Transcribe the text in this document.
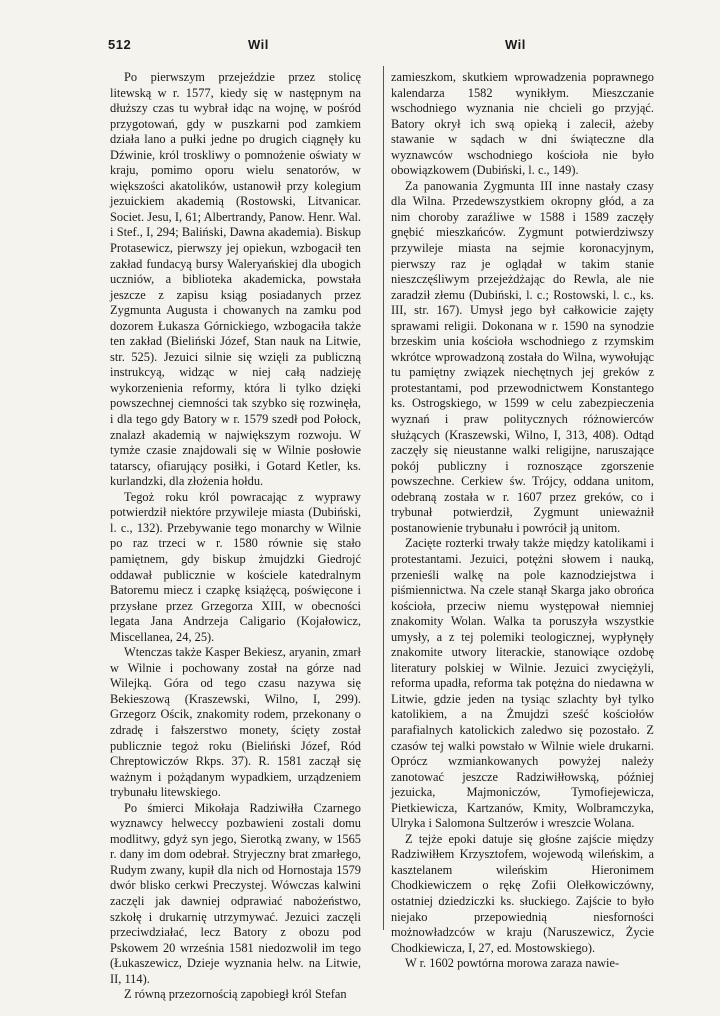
512	Wil	Wil

Po pierwszym przejeździe przez stolicę litewską w r. 1577, kiedy się w następnym na dłuższy czas tu wybrał idąc na wojnę, w pośród przygotowań, gdy w puszkarni pod zamkiem działa lano a pułki jedne po drugich ciągnęły ku Dźwinie, król troskliwy o pomnożenie oświaty w kraju, pomimo oporu wielu senatorów, w większości akatolików, ustanowił przy kolegium jezuickiem akademią (Rostowski, Litvanicar. Societ. Jesu, I, 61; Albertrandy, Panow. Henr. Wal. i Stef., I, 294; Baliński, Dawna akademia). Biskup Protasewicz, pierwszy jej opiekun, wzbogacił ten zakład fundacyą bursy Waleryańskiej dla ubogich uczniów, a biblioteka akademicka, powstała jeszcze z zapisu ksiąg posiadanych przez Zygmunta Augusta i chowanych na zamku pod dozorem Łukasza Górnickiego, wzbogaciła także ten zakład (Bieliński Józef, Stan nauk na Litwie, str. 525). Jezuici silnie się wzięli za publiczną instrukcyą, widząc w niej całą nadzieję wykorzenienia reformy, która li tylko dzięki powszechnej ciemności tak szybko się rozwinęła, i dla tego gdy Batory w r. 1579 szedł pod Połock, znalazł akademią w największym rozwoju. W tymże czasie znajdowali się w Wilnie posłowie tatarscy, ofiarujący posiłki, i Gotard Ketler, ks. kurlandzki, dla złożenia hołdu.

Tegoż roku król powracając z wyprawy potwierdził niektóre przywileje miasta (Dubiński, l. c., 132). Przebywanie tego monarchy w Wilnie po raz trzeci w r. 1580 równie się stało pamiętnem, gdy biskup żmujdzki Giedrojć oddawał publicznie w kościele katedralnym Batoremu miecz i czapkę książęcą, poświęcone i przysłane przez Grzegorza XIII, w obecności legata Jana Andrzeja Caligario (Kojałowicz, Miscellanea, 24, 25).

Wtenczas także Kasper Bekiesz, aryanin, zmarł w Wilnie i pochowany został na górze nad Wilejką. Góra od tego czasu nazywa się Bekieszową (Kraszewski, Wilno, I, 299). Grzegorz Ościk, znakomity rodem, przekonany o zdradę i fałszerstwo monety, ścięty został publicznie tegoż roku (Bieliński Józef, Ród Chreptowiczów Rkps. 37). R. 1581 zaczął się ważnym i pożądanym wypadkiem, urządzeniem trybunału litewskiego.

Po śmierci Mikołaja Radziwiłła Czarnego wyznawcy helweccy pozbawieni zostali domu modlitwy, gdyż syn jego, Sierotką zwany, w 1565 r. dany im dom odebrał. Stryjeczny brat zmarłego, Rudym zwany, kupił dla nich od Hornostaja 1579 dwór blisko cerkwi Preczystej. Wówczas kalwini zaczęli jak dawniej odprawiać nabożeństwo, szkołę i drukarnię utrzymywać. Jezuici zaczęli przeciwdziałać, lecz Batory z obozu pod Pskowem 20 września 1581 niedozwolił im tego (Łukaszewicz, Dzieje wyznania helw. na Litwie, II, 114).

Z równą przezornością zapobiegł król Stefan

zamieszkom, skutkiem wprowadzenia poprawnego kalendarza 1582 wynikłym. Mieszczanie wschodniego wyznania nie chcieli go przyjąć. Batory okrył ich swą opieką i zalecił, ażeby stawanie w sądach w dni świąteczne dla wyznawców wschodniego kościoła nie było obowiązkowem (Dubiński, l. c., 149).

Za panowania Zygmunta III inne nastały czasy dla Wilna. Przedewszystkiem okropny głód, a za nim choroby zaraźliwe w 1588 i 1589 zaczęły gnębić mieszkańców. Zygmunt potwierdziwszy przywileje miasta na sejmie koronacyjnym, pierwszy raz je oglądał w takim stanie nieszczęśliwym przejeżdżając do Rewla, ale nie zaradził złemu (Dubiński, l. c.; Rostowski, l. c., ks. III, str. 167). Umysł jego był całkowicie zajęty sprawami religii. Dokonana w r. 1590 na synodzie brzeskim unia kościoła wschodniego z rzymskim wkrótce wprowadzoną została do Wilna, wywołując tu pamiętny związek niechętnych jej greków z protestantami, pod przewodnictwem Konstantego ks. Ostrogskiego, w 1599 w celu zabezpieczenia wyznań i praw politycznych różnowierców służących (Kraszewski, Wilno, I, 313, 408). Odtąd zaczęły się nieustanne walki religijne, naruszające pokój publiczny i roznoszące zgorszenie powszechne. Cerkiew św. Trójcy, oddana unitom, odebraną została w r. 1607 przez greków, co i trybunał potwierdził, Zygmunt unieważnił postanowienie trybunału i powrócił ją unitom.

Zacięte rozterki trwały także między katolikami i protestantami. Jezuici, potężni słowem i nauką, przenieśli walkę na pole kaznodziejstwa i piśmiennictwa. Na czele stanął Skarga jako obrońca kościoła, przeciw niemu występował niemniej znakomity Wolan. Walka ta poruszyła wszystkie umysły, a z tej polemiki teologicznej, wypłynęły znakomite utwory literackie, stanowiące ozdobę literatury polskiej w Wilnie. Jezuici zwyciężyli, reforma upadła, reforma tak potężna do niedawna w Litwie, gdzie jeden na tysiąc szlachty był tylko katolikiem, a na Żmujdzi sześć kościołów parafialnych katolickich zaledwo się pozostało. Z czasów tej walki powstało w Wilnie wiele drukarni. Oprócz wzmiankowanych powyżej należy zanotować jeszcze Radziwiłłowską, później jezuicka, Majmoniczów, Tymofiejewicza, Pietkiewicza, Kartzanów, Kmity, Wolbramczyka, Ulryka i Salomona Sultzerów i wreszcie Wolana.

Z tejże epoki datuje się głośne zajście między Radziwiłłem Krzysztofem, wojewodą wileńskim, a kasztelanem wileńskim Hieronimem Chodkiewiczem o rękę Zofii Olełkowiczówny, ostatniej dziedziczki ks. słuckiego. Zajście to było niejako przepowiednią niesforności możnowładzców w kraju (Naruszewicz, Życie Chodkiewicza, I, 27, ed. Mostowskiego).

W r. 1602 powtórna morowa zaraza nawie-
